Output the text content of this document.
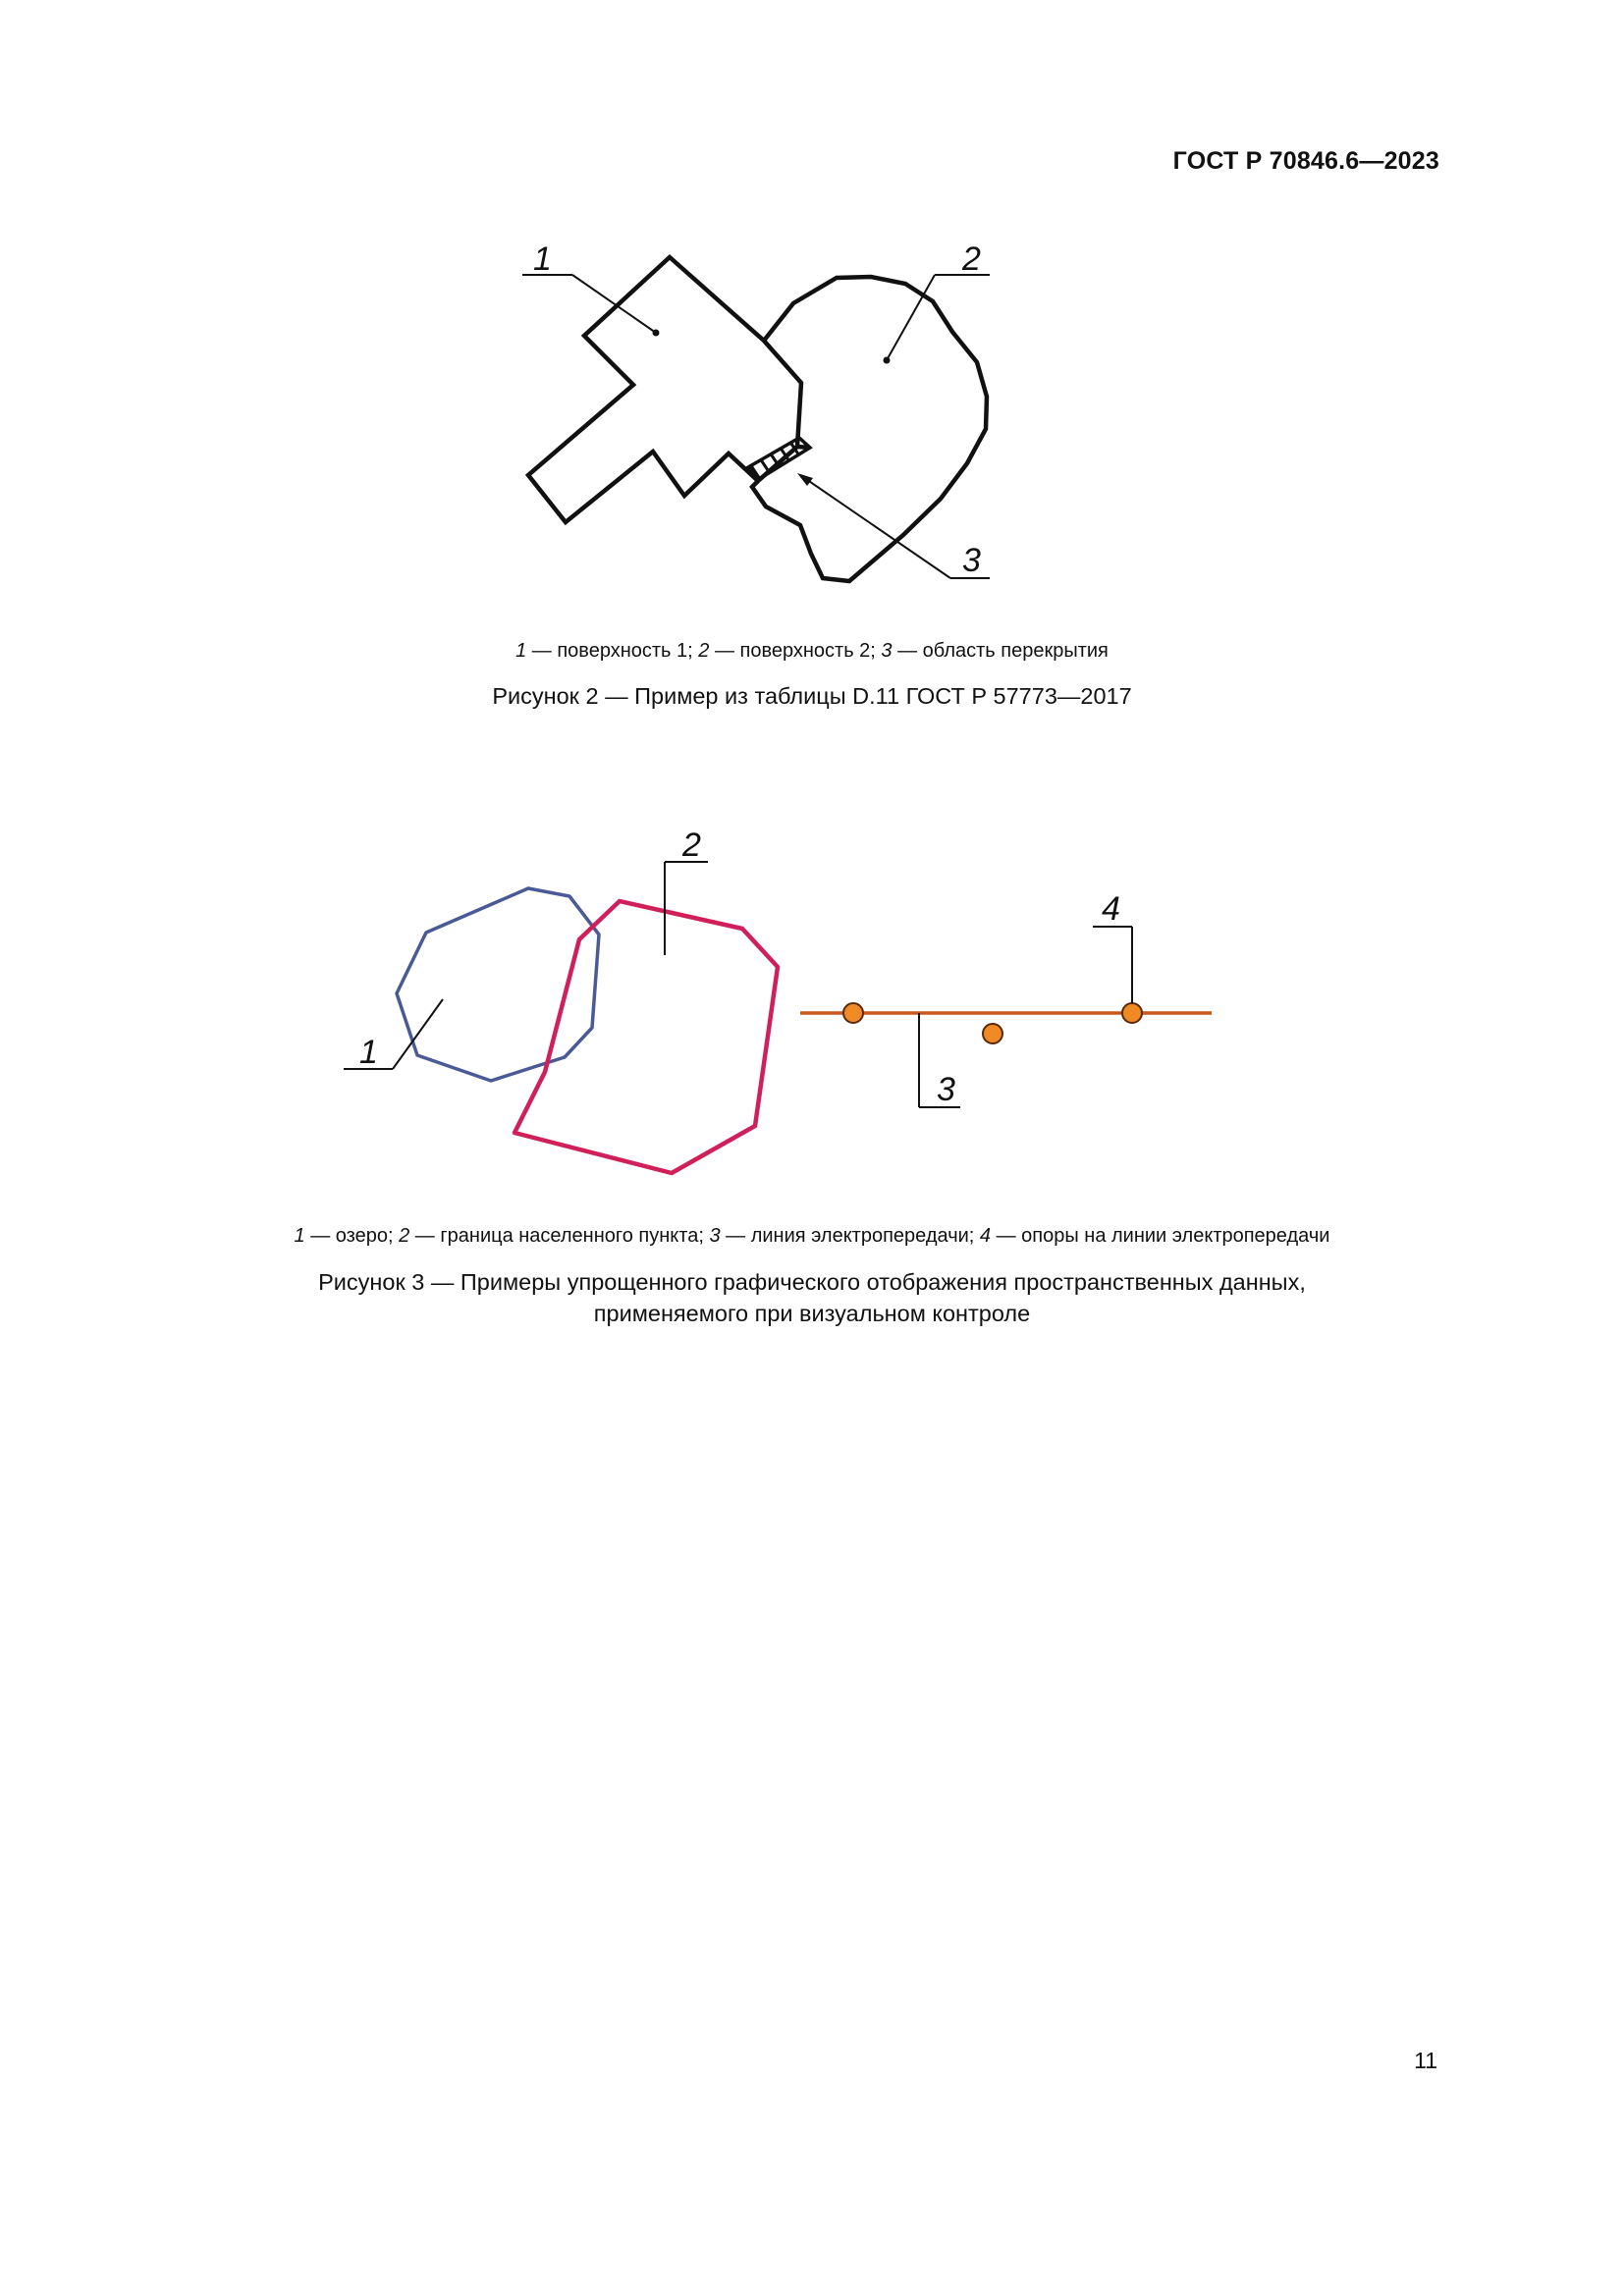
ГОСТ Р 70846.6—2023
1	2
3
1 — поверхность 1; 2 — поверхность 2; 3 — область перекрытия
Рисунок 2 — Пример из таблицы D.11 ГОСТ Р 57773—2017
1
2
3
4
1 — озеро; 2 — граница населенного пункта; 3 — линия электропередачи; 4 — опоры на линии электропередачи
Рисунок 3 — Примеры упрощенного графического отображения пространственных данных,
применяемого при визуальном контроле
11
